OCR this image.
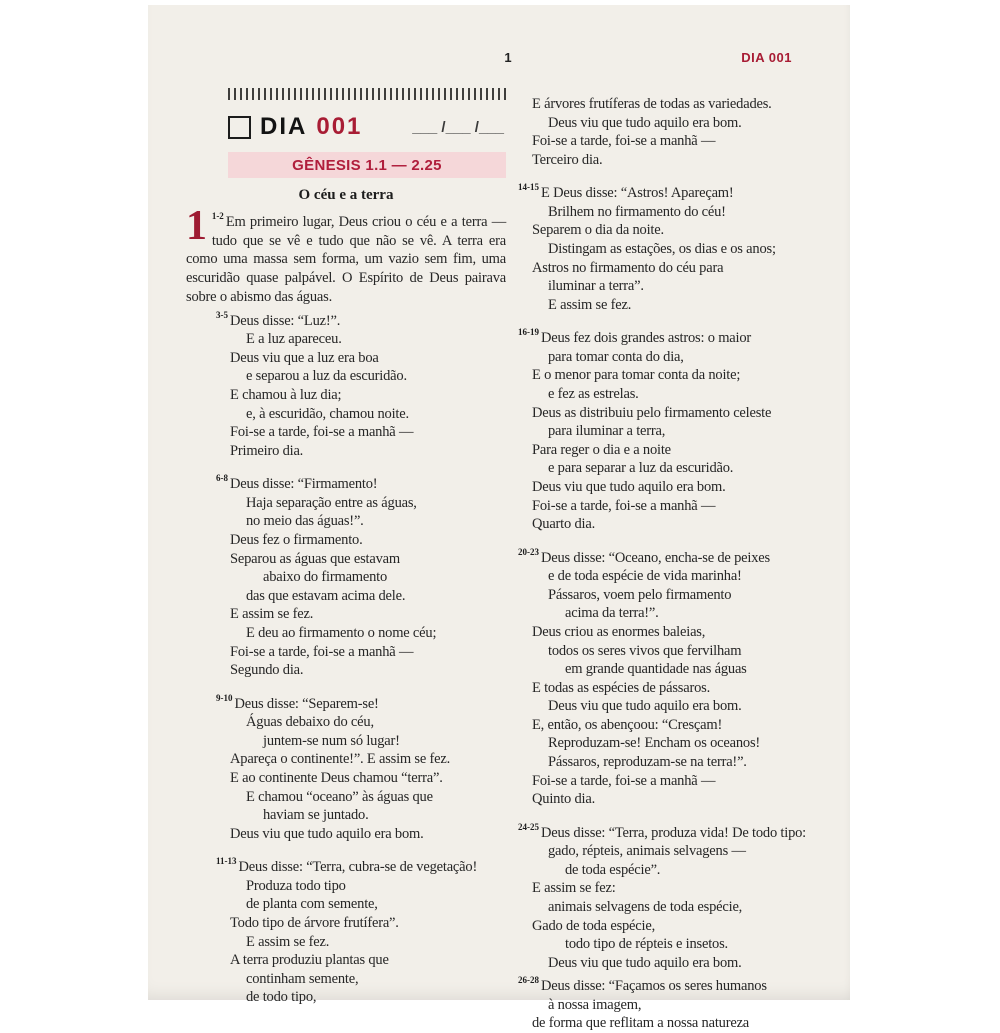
1	DIA 001
DIA 001	___ /___ /___
GÊNESIS 1.1 — 2.25
O céu e a terra

1 $^{1-2}$ Em primeiro lugar, Deus criou o céu e a terra — tudo que se vê e tudo que não se vê. A terra era como uma massa sem forma, um vazio sem fim, uma escuridão quase palpável. O Espírito de Deus pairava sobre o abismo das águas.

$^{3-5}$ Deus disse: “Luz!”.
E a luz apareceu.
Deus viu que a luz era boa
e separou a luz da escuridão.
E chamou à luz dia;
e, à escuridão, chamou noite.
Foi-se a tarde, foi-se a manhã —
Primeiro dia.
$^{6-8}$ Deus disse: “Firmamento!
Haja separação entre as águas,
no meio das águas!”.
Deus fez o firmamento.
Separou as águas que estavam
abaixo do firmamento
das que estavam acima dele.
E assim se fez.
E deu ao firmamento o nome céu;
Foi-se a tarde, foi-se a manhã —
Segundo dia.
$^{9-10}$ Deus disse: “Separem-se!
Águas debaixo do céu,
juntem-se num só lugar!
Apareça o continente!”. E assim se fez.
E ao continente Deus chamou “terra”.
E chamou “oceano” às águas que
haviam se juntado.
Deus viu que tudo aquilo era bom.
$^{11-13}$ Deus disse: “Terra, cubra-se de vegetação!
Produza todo tipo
de planta com semente,
Todo tipo de árvore frutífera”.
E assim se fez.
A terra produziu plantas que
continham semente,
de todo tipo,
E árvores frutíferas de todas as variedades.
Deus viu que tudo aquilo era bom.
Foi-se a tarde, foi-se a manhã —
Terceiro dia.
$^{14-15}$ E Deus disse: “Astros! Apareçam!
Brilhem no firmamento do céu!
Separem o dia da noite.
Distingam as estações, os dias e os anos;
Astros no firmamento do céu para
iluminar a terra”.
E assim se fez.
$^{16-19}$ Deus fez dois grandes astros: o maior
para tomar conta do dia,
E o menor para tomar conta da noite;
e fez as estrelas.
Deus as distribuiu pelo firmamento celeste
para iluminar a terra,
Para reger o dia e a noite
e para separar a luz da escuridão.
Deus viu que tudo aquilo era bom.
Foi-se a tarde, foi-se a manhã —
Quarto dia.
$^{20-23}$ Deus disse: “Oceano, encha-se de peixes
e de toda espécie de vida marinha!
Pássaros, voem pelo firmamento
acima da terra!”.
Deus criou as enormes baleias,
todos os seres vivos que fervilham
em grande quantidade nas águas
E todas as espécies de pássaros.
Deus viu que tudo aquilo era bom.
E, então, os abençoou: “Cresçam!
Reproduzam-se! Encham os oceanos!
Pássaros, reproduzam-se na terra!”.
Foi-se a tarde, foi-se a manhã —
Quinto dia.
$^{24-25}$ Deus disse: “Terra, produza vida! De todo tipo:
gado, répteis, animais selvagens —
de toda espécie”.
E assim se fez:
animais selvagens de toda espécie,
Gado de toda espécie,
todo tipo de répteis e insetos.
Deus viu que tudo aquilo era bom.
$^{26-28}$ Deus disse: “Façamos os seres humanos
à nossa imagem,
de forma que reflitam a nossa natureza
